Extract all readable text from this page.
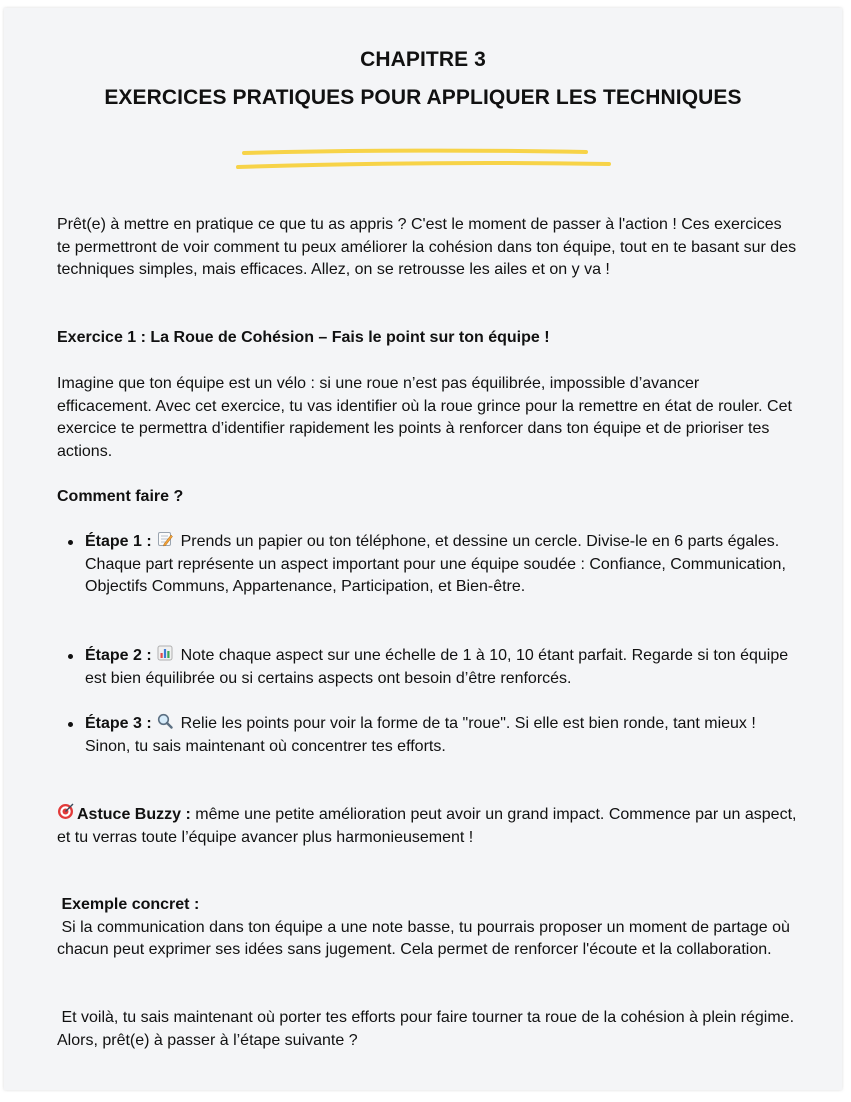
CHAPITRE 3
EXERCICES PRATIQUES POUR APPLIQUER LES TECHNIQUES

Prêt(e) à mettre en pratique ce que tu as appris ? C'est le moment de passer à l'action ! Ces exercices te permettront de voir comment tu peux améliorer la cohésion dans ton équipe, tout en te basant sur des techniques simples, mais efficaces. Allez, on se retrousse les ailes et on y va !

Exercice 1 : La Roue de Cohésion – Fais le point sur ton équipe !

Imagine que ton équipe est un vélo : si une roue n’est pas équilibrée, impossible d’avancer efficacement. Avec cet exercice, tu vas identifier où la roue grince pour la remettre en état de rouler. Cet exercice te permettra d’identifier rapidement les points à renforcer dans ton équipe et de prioriser tes actions.

Comment faire ?

Étape 1 : Prends un papier ou ton téléphone, et dessine un cercle. Divise-le en 6 parts égales. Chaque part représente un aspect important pour une équipe soudée : Confiance, Communication, Objectifs Communs, Appartenance, Participation, et Bien-être.
Étape 2 : Note chaque aspect sur une échelle de 1 à 10, 10 étant parfait. Regarde si ton équipe est bien équilibrée ou si certains aspects ont besoin d’être renforcés.
Étape 3 : Relie les points pour voir la forme de ta "roue". Si elle est bien ronde, tant mieux ! Sinon, tu sais maintenant où concentrer tes efforts.

Astuce Buzzy : même une petite amélioration peut avoir un grand impact. Commence par un aspect, et tu verras toute l’équipe avancer plus harmonieusement !

Exemple concret :

Si la communication dans ton équipe a une note basse, tu pourrais proposer un moment de partage où chacun peut exprimer ses idées sans jugement. Cela permet de renforcer l'écoute et la collaboration.

Et voilà, tu sais maintenant où porter tes efforts pour faire tourner ta roue de la cohésion à plein régime. Alors, prêt(e) à passer à l’étape suivante ?
